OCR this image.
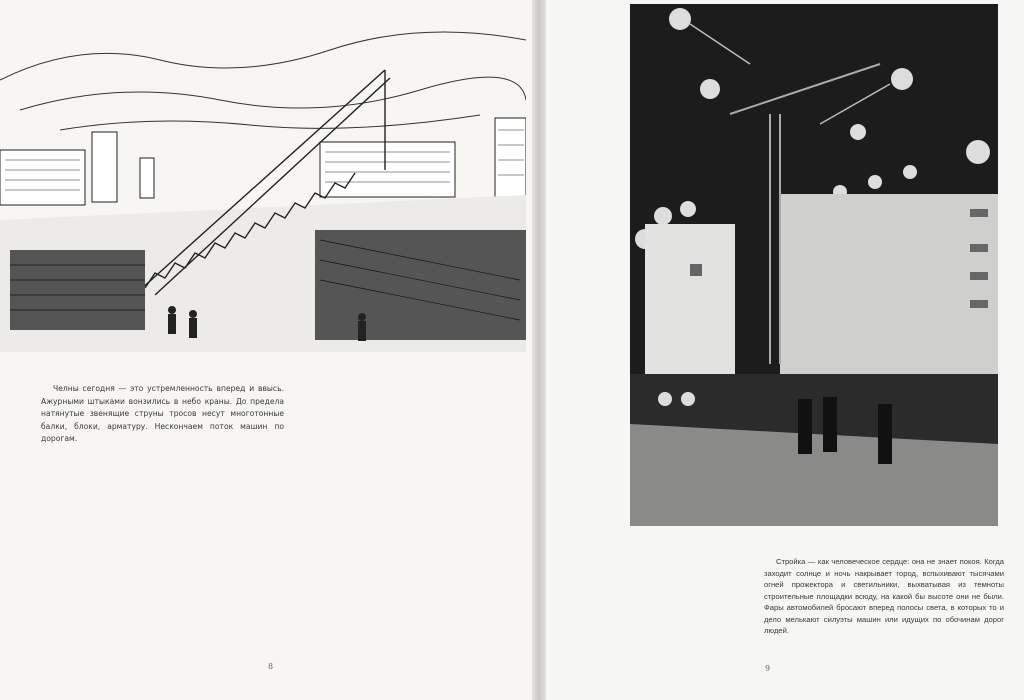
Челны сегодня — это устремленность вперед и ввысь. Ажурными штыками вонзились в небо краны. До предела натянутые звенящие струны тросов несут многотонные балки, блоки, арматуру. Нескончаем поток машин по дорогам.

8

Стройка — как человеческое сердце: она не знает покоя. Когда заходит солнце и ночь накрывает город, вспыхивают тысячами огней прожектора и светильники, выхватывая из темноты строительные площадки всюду, на какой бы высоте они не были. Фары автомобилей бросают вперед полосы света, в которых то и дело мелькают силуэты машин или идущих по обочинам дорог людей.

9
